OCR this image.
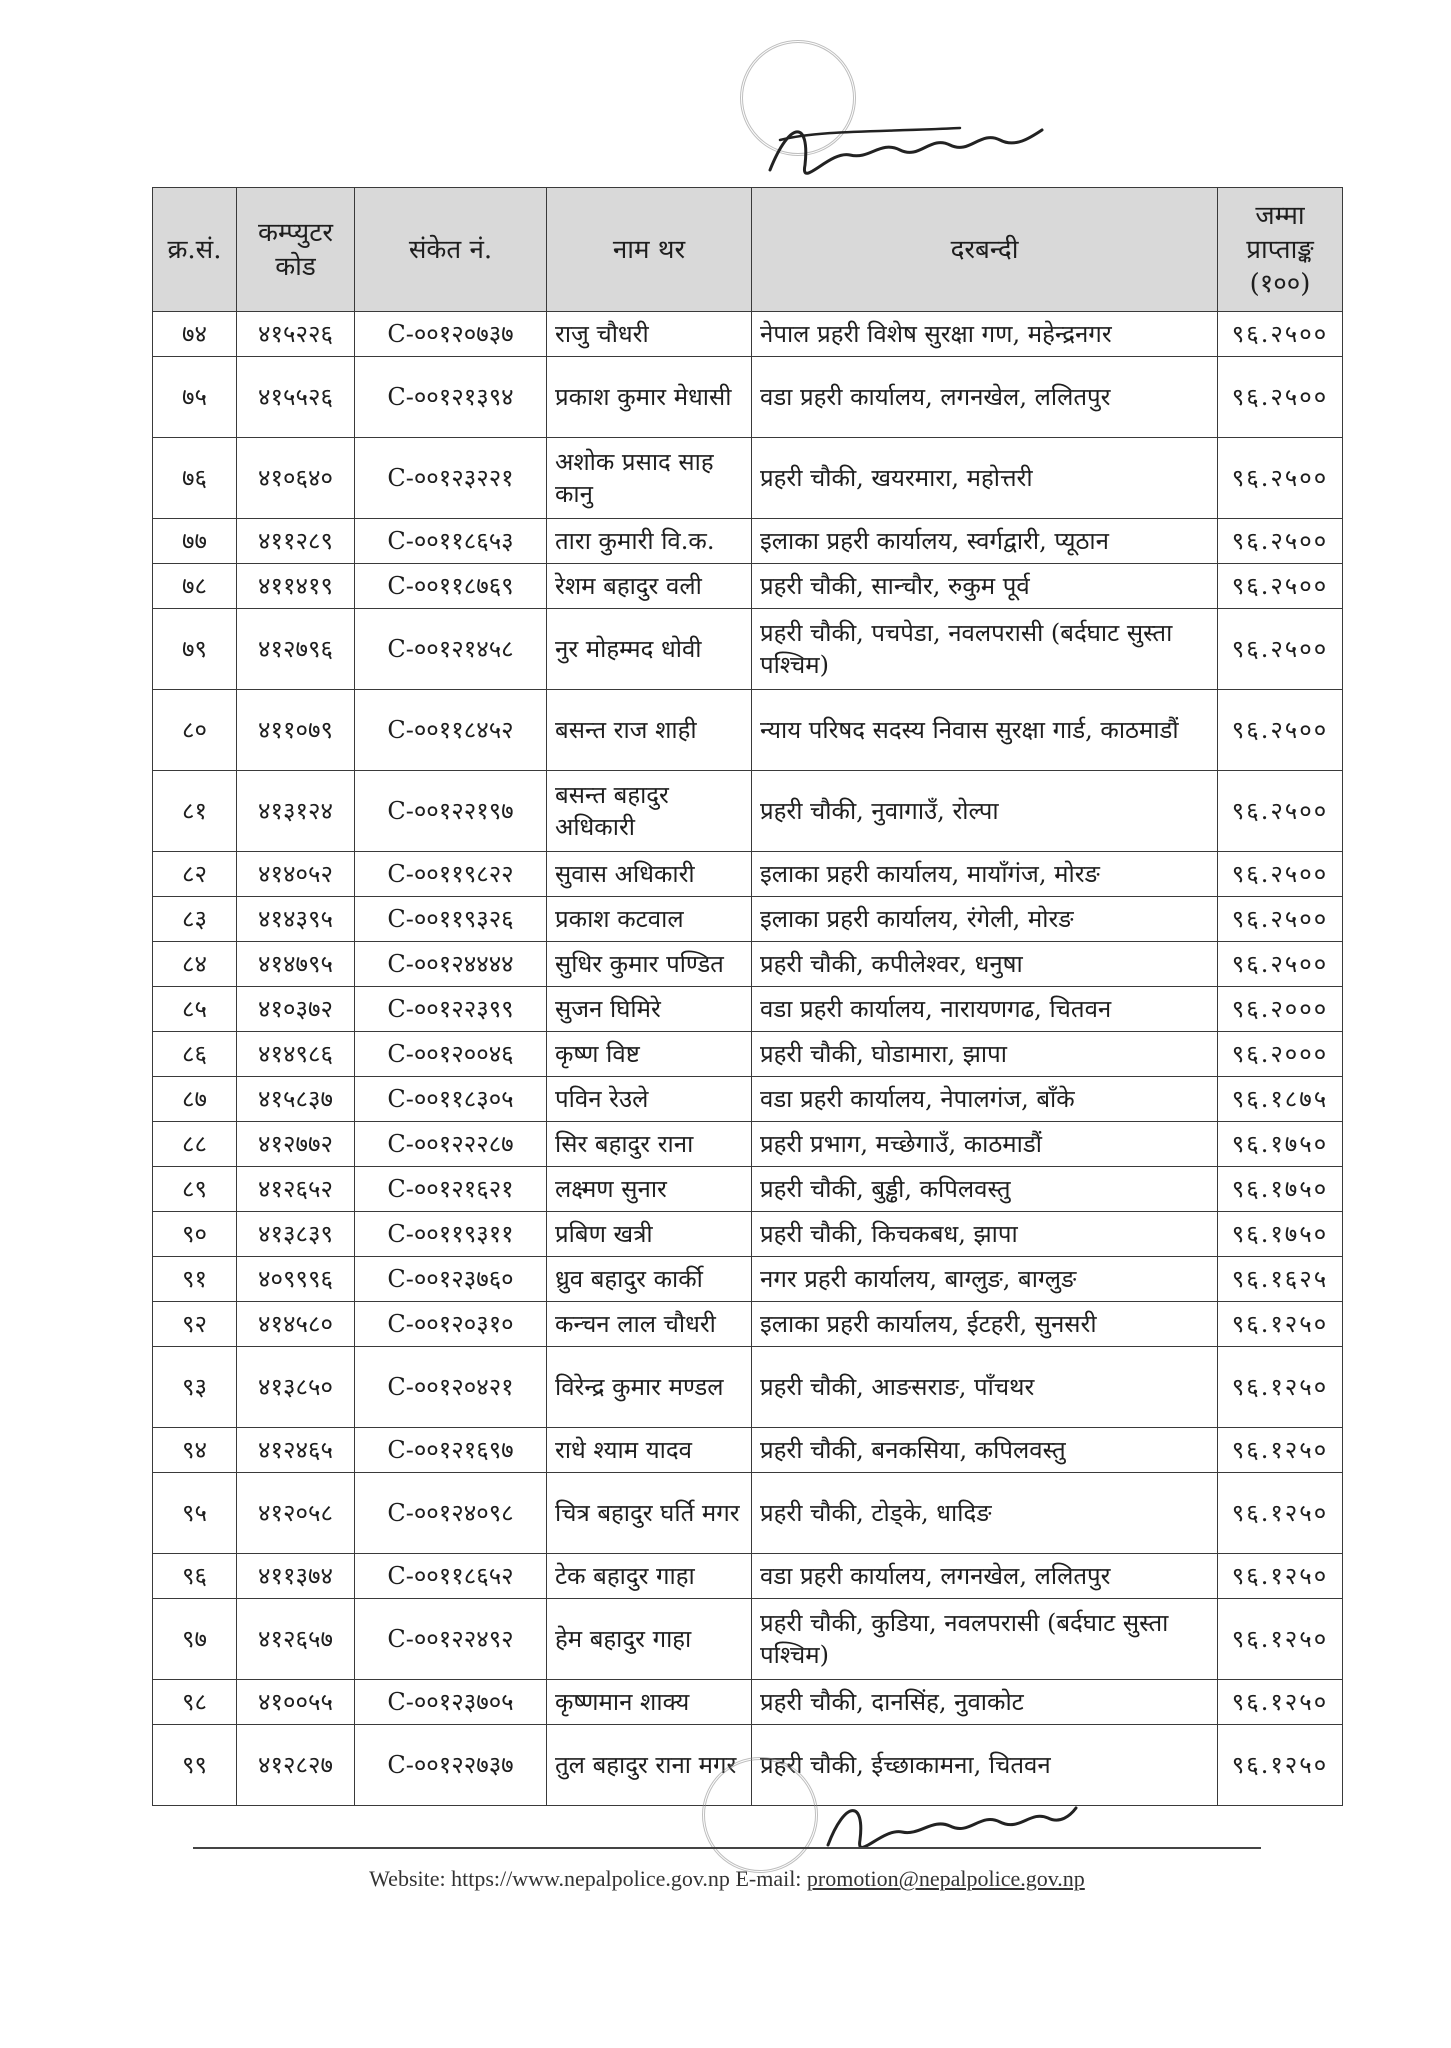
क्र.सं.	कम्प्युटर कोड	संकेत नं.	नाम थर	दरबन्दी	जम्मा प्राप्ताङ्क (१००)
७४	४१५२२६	C-००१२०७३७	राजु चौधरी	नेपाल प्रहरी विशेष सुरक्षा गण, महेन्द्रनगर	९६.२५००
७५	४१५५२६	C-००१२१३९४	प्रकाश कुमार मेधासी	वडा प्रहरी कार्यालय, लगनखेल, ललितपुर	९६.२५००
७६	४१०६४०	C-००१२३२२१	अशोक प्रसाद साह कानु	प्रहरी चौकी, खयरमारा, महोत्तरी	९६.२५००
७७	४११२८९	C-००११८६५३	तारा कुमारी वि.क.	इलाका प्रहरी कार्यालय, स्वर्गद्वारी, प्यूठान	९६.२५००
७८	४११४१९	C-००११८७६९	रेशम बहादुर वली	प्रहरी चौकी, सान्चौर, रुकुम पूर्व	९६.२५००
७९	४१२७९६	C-००१२१४५८	नुर मोहम्मद धोवी	प्रहरी चौकी, पचपेडा, नवलपरासी (बर्दघाट सुस्ता पश्चिम)	९६.२५००
८०	४११०७९	C-००११८४५२	बसन्त राज शाही	न्याय परिषद सदस्य निवास सुरक्षा गार्ड, काठमाडौं	९६.२५००
८१	४१३१२४	C-००१२२१९७	बसन्त बहादुर अधिकारी	प्रहरी चौकी, नुवागाउँ, रोल्पा	९६.२५००
८२	४१४०५२	C-००११९८२२	सुवास अधिकारी	इलाका प्रहरी कार्यालय, मायाँगंज, मोरङ	९६.२५००
८३	४१४३९५	C-००११९३२६	प्रकाश कटवाल	इलाका प्रहरी कार्यालय, रंगेली, मोरङ	९६.२५००
८४	४१४७९५	C-००१२४४४४	सुधिर कुमार पण्डित	प्रहरी चौकी, कपीलेश्वर, धनुषा	९६.२५००
८५	४१०३७२	C-००१२२३९९	सुजन घिमिरे	वडा प्रहरी कार्यालय, नारायणगढ, चितवन	९६.२०००
८६	४१४९८६	C-००१२००४६	कृष्ण विष्ट	प्रहरी चौकी, घोडामारा, झापा	९६.२०००
८७	४१५८३७	C-००११८३०५	पविन रेउले	वडा प्रहरी कार्यालय, नेपालगंज, बाँके	९६.१८७५
८८	४१२७७२	C-००१२२२८७	सिर बहादुर राना	प्रहरी प्रभाग, मच्छेगाउँ, काठमाडौं	९६.१७५०
८९	४१२६५२	C-००१२१६२१	लक्ष्मण सुनार	प्रहरी चौकी, बुड्ढी, कपिलवस्तु	९६.१७५०
९०	४१३८३९	C-००११९३११	प्रबिण खत्री	प्रहरी चौकी, किचकबध, झापा	९६.१७५०
९१	४०९९९६	C-००१२३७६०	ध्रुव बहादुर कार्की	नगर प्रहरी कार्यालय, बाग्लुङ, बाग्लुङ	९६.१६२५
९२	४१४५८०	C-००१२०३१०	कन्चन लाल चौधरी	इलाका प्रहरी कार्यालय, ईटहरी, सुनसरी	९६.१२५०
९३	४१३८५०	C-००१२०४२१	विरेन्द्र कुमार मण्डल	प्रहरी चौकी, आङसराङ, पाँचथर	९६.१२५०
९४	४१२४६५	C-००१२१६९७	राधे श्याम यादव	प्रहरी चौकी, बनकसिया, कपिलवस्तु	९६.१२५०
९५	४१२०५८	C-००१२४०९८	चित्र बहादुर घर्ति मगर	प्रहरी चौकी, टोड्के, धादिङ	९६.१२५०
९६	४११३७४	C-००११८६५२	टेक बहादुर गाहा	वडा प्रहरी कार्यालय, लगनखेल, ललितपुर	९६.१२५०
९७	४१२६५७	C-००१२२४९२	हेम बहादुर गाहा	प्रहरी चौकी, कुडिया, नवलपरासी (बर्दघाट सुस्ता पश्चिम)	९६.१२५०
९८	४१००५५	C-००१२३७०५	कृष्णमान शाक्य	प्रहरी चौकी, दानसिंह, नुवाकोट	९६.१२५०
९९	४१२८२७	C-००१२२७३७	तुल बहादुर राना मगर	प्रहरी चौकी, ईच्छाकामना, चितवन	९६.१२५०
Website: https://www.nepalpolice.gov.np E-mail: promotion@nepalpolice.gov.np
